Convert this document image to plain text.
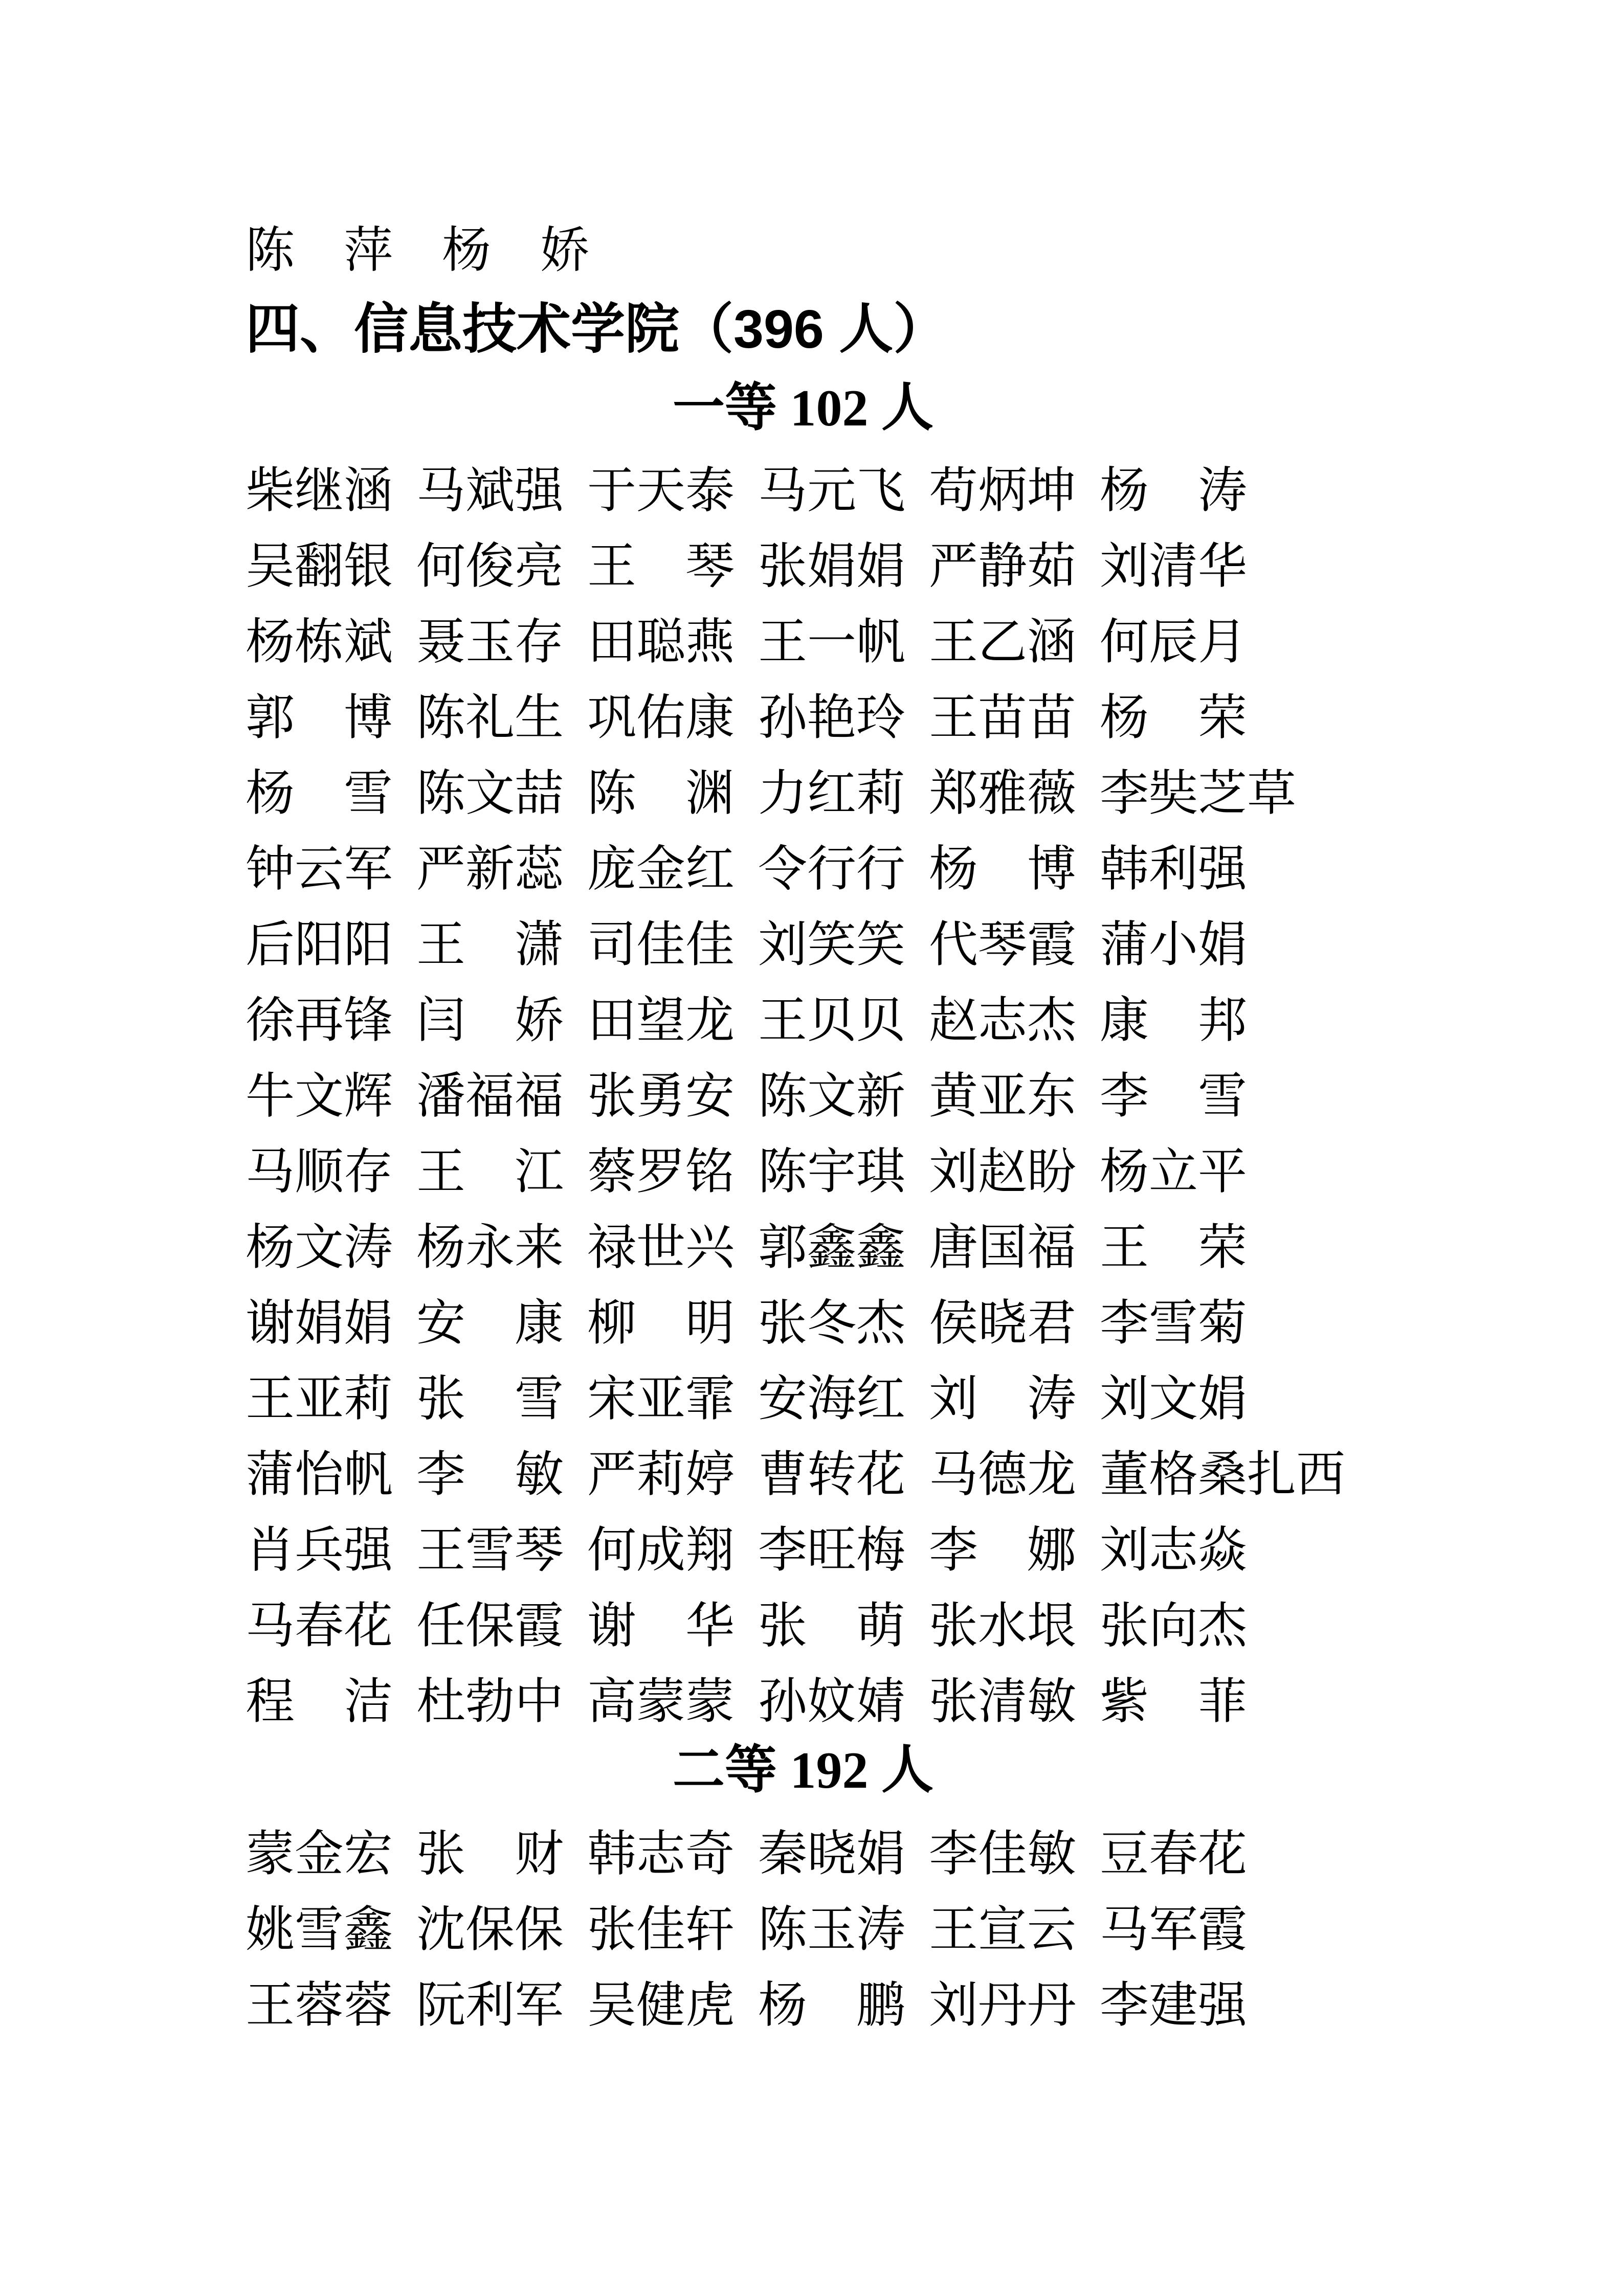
陈　萍　杨　娇
四、信息技术学院（396 人）
一等 102 人
柴继涵 马斌强 于天泰 马元飞 苟炳坤 杨　涛
吴翻银 何俊亮 王　琴 张娟娟 严静茹 刘清华
杨栋斌 聂玉存 田聪燕 王一帆 王乙涵 何辰月
郭　博 陈礼生 巩佑康 孙艳玲 王苗苗 杨　荣
杨　雪 陈文喆 陈　渊 力红莉 郑雅薇 李奘芝草
钟云军 严新蕊 庞金红 令行行 杨　博 韩利强
后阳阳 王　潇 司佳佳 刘笑笑 代琴霞 蒲小娟
徐再锋 闫　娇 田望龙 王贝贝 赵志杰 康　邦
牛文辉 潘福福 张勇安 陈文新 黄亚东 李　雪
马顺存 王　江 蔡罗铭 陈宇琪 刘赵盼 杨立平
杨文涛 杨永来 禄世兴 郭鑫鑫 唐国福 王　荣
谢娟娟 安　康 柳　明 张冬杰 侯晓君 李雪菊
王亚莉 张　雪 宋亚霏 安海红 刘　涛 刘文娟
蒲怡帆 李　敏 严莉婷 曹转花 马德龙 董格桑扎西
肖兵强 王雪琴 何成翔 李旺梅 李　娜 刘志焱
马春花 任保霞 谢　华 张　萌 张水垠 张向杰
程　洁 杜勃中 高蒙蒙 孙妏婧 张清敏 紫　菲
二等 192 人
蒙金宏 张　财 韩志奇 秦晓娟 李佳敏 豆春花
姚雪鑫 沈保保 张佳轩 陈玉涛 王宣云 马军霞
王蓉蓉 阮利军 吴健虎 杨　鹏 刘丹丹 李建强
